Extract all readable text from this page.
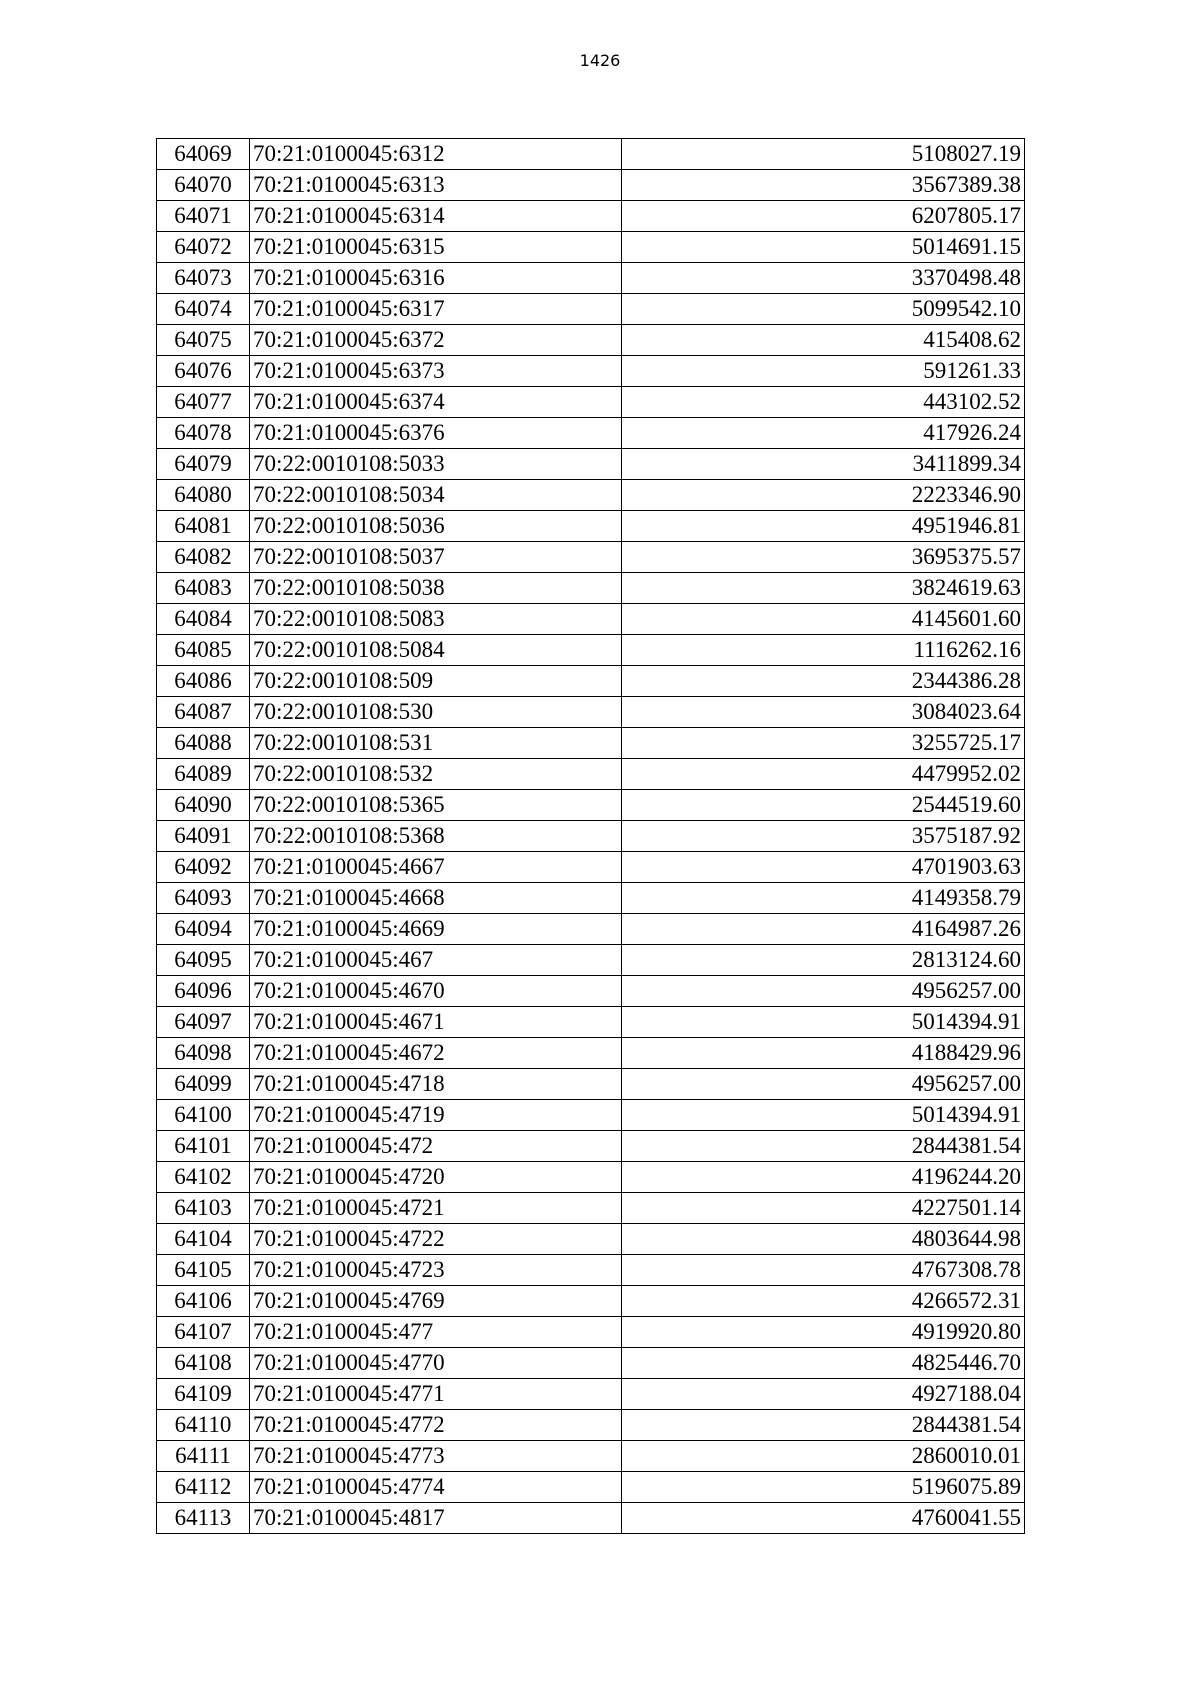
1426
64069	70:21:0100045:6312	5108027.19
64070	70:21:0100045:6313	3567389.38
64071	70:21:0100045:6314	6207805.17
64072	70:21:0100045:6315	5014691.15
64073	70:21:0100045:6316	3370498.48
64074	70:21:0100045:6317	5099542.10
64075	70:21:0100045:6372	415408.62
64076	70:21:0100045:6373	591261.33
64077	70:21:0100045:6374	443102.52
64078	70:21:0100045:6376	417926.24
64079	70:22:0010108:5033	3411899.34
64080	70:22:0010108:5034	2223346.90
64081	70:22:0010108:5036	4951946.81
64082	70:22:0010108:5037	3695375.57
64083	70:22:0010108:5038	3824619.63
64084	70:22:0010108:5083	4145601.60
64085	70:22:0010108:5084	1116262.16
64086	70:22:0010108:509	2344386.28
64087	70:22:0010108:530	3084023.64
64088	70:22:0010108:531	3255725.17
64089	70:22:0010108:532	4479952.02
64090	70:22:0010108:5365	2544519.60
64091	70:22:0010108:5368	3575187.92
64092	70:21:0100045:4667	4701903.63
64093	70:21:0100045:4668	4149358.79
64094	70:21:0100045:4669	4164987.26
64095	70:21:0100045:467	2813124.60
64096	70:21:0100045:4670	4956257.00
64097	70:21:0100045:4671	5014394.91
64098	70:21:0100045:4672	4188429.96
64099	70:21:0100045:4718	4956257.00
64100	70:21:0100045:4719	5014394.91
64101	70:21:0100045:472	2844381.54
64102	70:21:0100045:4720	4196244.20
64103	70:21:0100045:4721	4227501.14
64104	70:21:0100045:4722	4803644.98
64105	70:21:0100045:4723	4767308.78
64106	70:21:0100045:4769	4266572.31
64107	70:21:0100045:477	4919920.80
64108	70:21:0100045:4770	4825446.70
64109	70:21:0100045:4771	4927188.04
64110	70:21:0100045:4772	2844381.54
64111	70:21:0100045:4773	2860010.01
64112	70:21:0100045:4774	5196075.89
64113	70:21:0100045:4817	4760041.55
